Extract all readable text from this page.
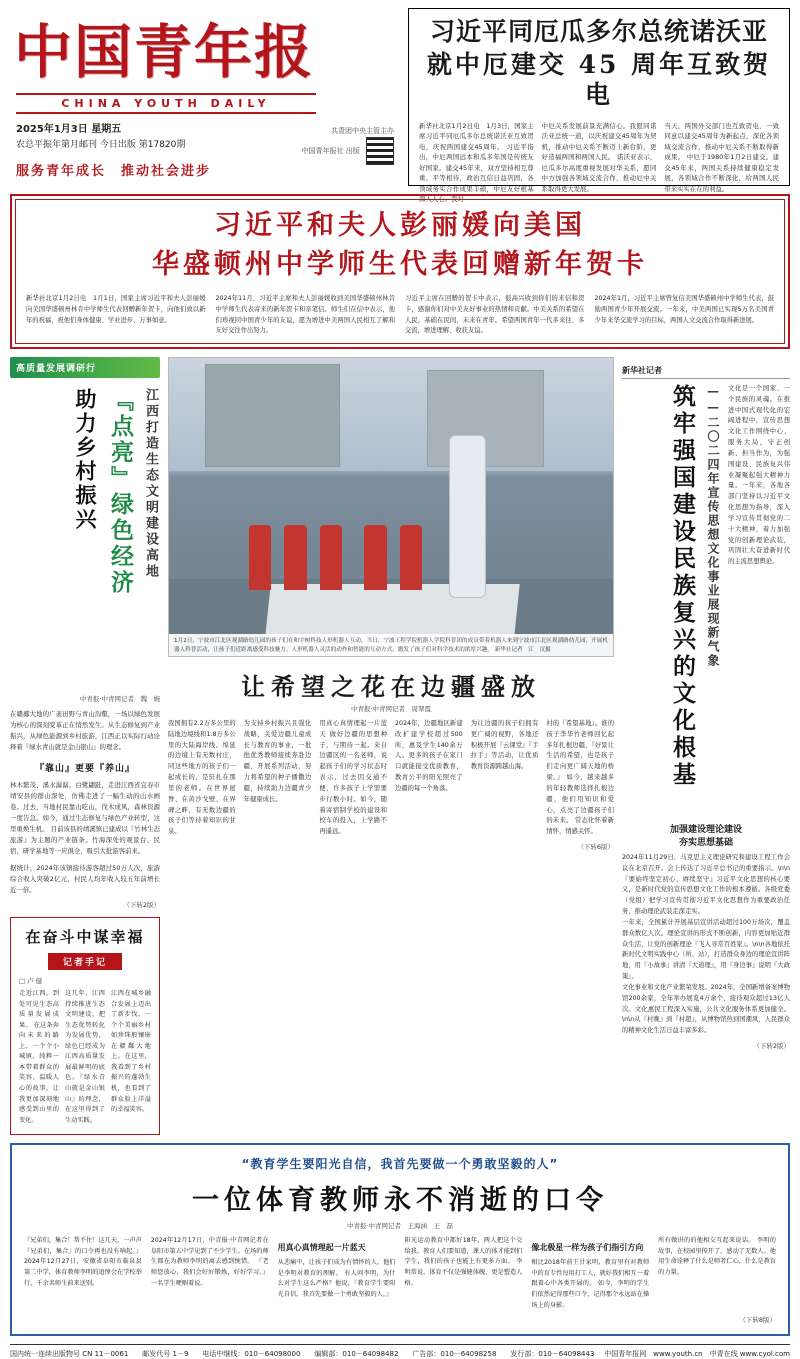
中国青年报
CHINA YOUTH DAILY
2025年1月3日 星期五
农总平振年第月邮刊 今日出版 第17820期
服务青年成长　推动社会进步
共青团中央主管主办
中国青年报社 出版
习近平同厄瓜多尔总统诺沃亚
就中厄建交 45 周年互致贺电
新华社北京1月2日电　1月3日，国家主席习近平同厄瓜多尔总统诺沃亚互致贺电，庆祝两国建交45周年。 习近平指出，中厄两国远本和瓜多年国是传统友好国家。建交45年来，双方坚持相互尊重、平等相待，政治互信日益巩固，各领域务实合作成果丰硕，中厄友好根基深入人心。我对
中厄关系发展前景充满信心。我愿同诺沃亚总统一道，以庆祝建交45周年为契机，推动中厄关系不断迈上新台阶，更好造福两国和两国人民。 诺沃亚表示，厄瓜多尔高度重视发展对华关系，愿同中方加强各领域交流合作，推动厄中关系取得更大发展。
当天，两国外交部门也互致贺电，一致同意以建交45周年为新起点，深化各领域交流合作，推动中厄关系不断取得新成果。 中厄于1980年1月2日建交。建交45年来，两国关系持续健康稳定发展，各领域合作不断深化，给两国人民带来实实在在的利益。
习近平和夫人彭丽媛向美国
华盛顿州中学师生代表回赠新年贺卡
新华社北京1月2日电　1月1日，国家主席习近平和夫人彭丽媛向美国华盛顿州林肯中学师生代表回赠新年贺卡，向他们致以新年的祝福，祝他们身体健康、学业进步、万事如意。
2024年11月，习近平主席和夫人彭丽媛收到美国华盛顿州林肯中学师生代表寄来的新年贺卡和亲笔信。师生们在信中表示，他们珍视同中国青少年的友谊，愿为增进中美两国人民相互了解和友好交往作出努力。
习近平主席在回赠的贺卡中表示，很高兴收到你们的来信和贺卡，感谢你们对中美友好事业的热情和贡献。中美关系的希望在人民，基础在民间，未来在青年。希望两国青年一代多来往、多交流，增进理解、收获友谊。
2024年1月，习近平主席曾复信美国华盛顿州中学师生代表，鼓励两国青少年开展交流。一年来，中美两国已实现5万名美国青少年来华交流学习的目标，两国人文交流合作取得新进展。
高质量发展调研行
助力乡村振兴 『点亮』绿色经济 江西打造生态文明建设高地
中青报·中青网记者　魏　婉
在赣鄱大地的广袤田野与青山沟壑，一场以绿色发展为核心的深刻变革正在悄然发生。从生态修复到产业振兴，从绿色能源到乡村旅游，江西正以实际行动诠释着『绿水青山就是金山银山』的理念。
『靠山』更要『养山』
林木繁茂、溪水潺潺、白鹭翩跹，走进江西省宜春市靖安县的群山深处，仿佛走进了一幅生动的山水画卷。过去，当地村民靠山吃山，伐木成风，森林资源一度告急。如今，通过生态修复与绿色产业转型，这里重焕生机。 目前该县的靖溪镇已建成以『竹林生态旅游』为主题的产业链条。竹海深处的观景台、民宿、研学基地等一应俱全，吸引大批游客前来。
据统计，2024年该镇接待游客超过50万人次，旅游综合收入突破2亿元，村民人均年收入较五年前增长近一倍。
（下转2版）
在奋斗中谋幸福
记者手记
□ 卢 健
走近江西，到处可见生态高质量发展成果。 在这条奔向未来的路上，一个个小城镇、纯粹一本带着群众的笑容、温暖人心的故事，让我更加深刻地感受到山里的变化。
这几年，江西持续推进生态文明建设，把生态优势转化为发展优势，绿色已经成为江西高质量发展最鲜明的底色。『绿水青山就是金山银山』的理念，在这里得到了生动实践。
江西在城乡融合发展上迈出了新步伐，一个个美丽乡村如珍珠般镶嵌在赣鄱大地上。在这里，我看到了乡村振兴的蓬勃生机，也看到了群众脸上洋溢的幸福笑容。
1月2日，宁波市江北区观湖路幼儿园的孩子们在和宇树科技人形机器人互动。当日，宁波工程学院机器人学院科普团的成员带着机器人来到宁波市江北区观湖路幼儿园，开展机器人科普活动，让孩子们近距离感受科技魅力。人形机器人灵活的动作和智能的互动方式，激发了孩子们对科学技术的浓厚兴趣。 新华社记者　江　汉摄
让希望之花在边疆盛放
中青报·中青网记者　周翠霞
我国拥有2.2万多公里的陆地边境线和1.8万多公里的大陆海岸线。绵延的边境上有无数村庄，同这些地方的孩子们一起成长的，是驻扎在那里的老师。在世界屋脊、在黄沙戈壁、在界碑之畔，有无数边疆的孩子们等待着知识的甘泉。
为支持乡村振兴且强化战略，关爱边疆儿童成长与教育的事业，一批批优秀教师接续奔赴边疆，开展系列活动，努力将希望的种子播撒边疆，持续助力边疆青少年健康成长。
用真心真情理起一片蓝天 做好边疆的思想种子，与期待一起。来自边疆区的一名老师，说起孩子们的学习状态时表示，过去因交通不便，许多孩子上学需要步行数小时。如今，随着寄宿制学校的建设和校车的投入，上学路不再遥远。
2024年，边疆地区新建改扩建学校超过500所，惠及学生140余万人。更多的孩子在家门口就能接受优质教育，教育公平的阳光照亮了边疆的每一个角落。
为让边疆的孩子们拥有更广阔的视野，各地还积极开展『云课堂』『手拉手』等活动，让优质教育资源跨越山海。
村的『希望基地』。谁的孩子李华竹老师回忆起多年扎根边疆，『好景让生活的希望，也是孩子们走向更广阔天地的桥梁。』 如今，越来越多的年轻教师选择扎根边疆，他们用知识和爱心，点亮了边疆孩子们的未来。 常态化怀着新情怀，情感关怀。
（下转6版）
新华社记者
筑牢强国建设民族复兴的文化根基 ——二〇二四年宣传思想文化事业展现新气象	文化是一个国家、一个民族的灵魂。在推进中国式现代化的宏阔进程中，宣传思想文化工作围绕中心、服务大局，守正创新、担当作为，为强国建设、民族复兴伟业凝聚起强大精神力量。一年来，各地各部门坚持以习近平文化思想为指导，深入学习宣传贯彻党的二十大精神，着力加强党的创新理论武装，巩固壮大奋进新时代的主流思想舆论。
加强建设理论建设
夯实思想基础
2024年11月29日，马克思主义理论研究和建设工程工作会议在北京召开。会上传达了习近平总书记的重要指示。\n\n『要始终坚定初心、赓续坚守』习近平文化思想的核心要义，是新时代党的宣传思想文化工作的根本遵循。各级党委（党组）把学习宣传贯彻习近平文化思想作为重要政治任务，推动理论武装走深走实。
一年来，全国累计开展基层宣讲活动超过100万场次，覆盖群众数亿人次。理论宣讲的形式不断创新，内容更加贴近群众生活，让党的创新理论『飞入寻常百姓家』。\n\n各地依托新时代文明实践中心（所、站），打造群众身边的理论宣讲阵地，用『小故事』讲清『大道理』，用『身边事』说明『大政策』。
文化事业和文化产业繁荣发展。2024年，全国新增备案博物馆200余家，全年举办展览4万余个，接待观众超过13亿人次。文化惠民工程深入实施，公共文化服务体系更加健全。\n\n从『村晚』到『村超』，从博物馆热到国潮风，人民群众的精神文化生活日益丰富多彩。
（下转2版）
“教育学生要阳光自信，我首先要做一个勇敢坚毅的人”
一位体育教师永不消逝的口令
中青报·中青网记者　王海涵　王　磊
『兄弟们，集合！帮不住！这几天，一声声『兄弟们，集合』的口令再也没有响起。』 2024年12月27日，安徽省阜阳市临泉县第二中学，体育教师李明的追悼会在学校举行，千余名师生前来送别。
2024年12月17日，中青报·中青网记者在阜阳市第五中学见到了不少学生。在场的师生都在为教师李明的离去感到惋惜。 『老师您放心，我们会好好锻炼，好好学习。』一名学生哽咽着说。
用真心真情理起一片蓝天
从悲痛中，让孩子们成为有情怀的人，他们是李明对教育的理解。 有人问李明，为什么对学生这么严格？他说，『教育学生要阳光自信，我首先要做一个勇敢坚毅的人。』
阳光运动教育中都好18年，两人把这个交给我。教育人们要知道，课人的体才能到们学生，我们的孩子也能上有更多方面。 李明常说，体育不仅是强健体魄，更是塑造人格。
像北极星一样为孩子们指引方向
相比2018年前王甘家明，教育里有对教师中的育专性每用打工人，就好我们相互一着跟着心中各类开展的。 如今，李明的学生们依然记得那些口令，记得那个永远站在操场上的身影。
所有做讲的的他相交互起来说话。 李明的故事，在校园里传开了，感动了无数人。他用生命诠释了什么是师者仁心，什么是教育的力量。
（下转8版）
国内统一连续出版物号 CN 11－0061　　邮发代号 1－9　　电话中继线：010－64098000　　编辑部：010－64098482　　广告部：010－64098258　　发行部：010－64098443 中国青年报网　www.youth.cn　中青在线 www.cyol.com
